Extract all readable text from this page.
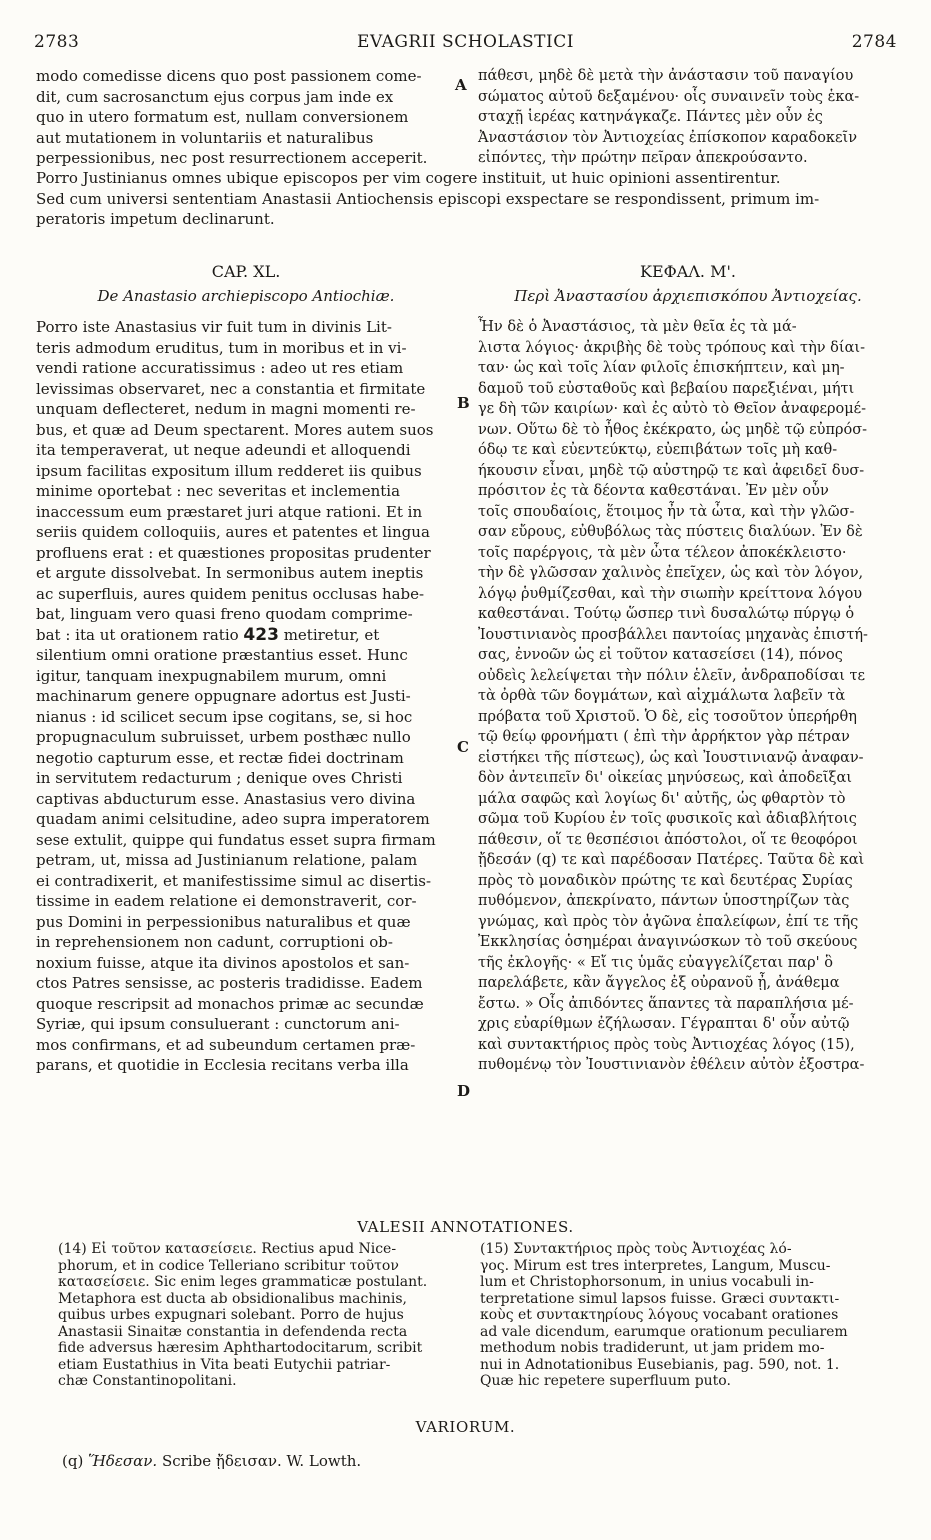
2783	EVAGRII SCHOLASTICI	2784
modo comedisse dicens quo post passionem come-
dit, cum sacrosanctum ejus corpus jam inde ex
quo in utero formatum est, nullam conversionem
aut mutationem in voluntariis et naturalibus
perpessionibus, nec post resurrectionem acceperit.
A πάθεσι, μηδὲ δὲ μετὰ τὴν ἀνάστασιν τοῦ παναγίου
σώματος αὐτοῦ δεξαμένου· οἷς συναινεῖν τοὺς ἑκα-
σταχῇ ἱερέας κατηνάγκαζε. Πάντες μὲν οὖν ἐς
Ἀναστάσιον τὸν Ἀντιοχείας ἐπίσκοπον καραδοκεῖν
εἰπόντες, τὴν πρώτην πεῖραν ἀπεκρούσαντο.
Porro Justinianus omnes ubique episcopos per vim cogere instituit, ut huic opinioni assentirentur.
Sed cum universi sententiam Anastasii Antiochensis episcopi exspectare se respondissent, primum im-
peratoris impetum declinarunt.
CAP. XL.
De Anastasio archiepiscopo Antiochiæ.
ΚΕΦΑΛ. Μ'.
Περὶ Ἀναστασίου ἀρχιεπισκόπου Ἀντιοχείας.
Porro iste Anastasius vir fuit tum in divinis Lit-
teris admodum eruditus, tum in moribus et in vi-
vendi ratione accuratissimus : adeo ut res etiam
levissimas observaret, nec a constantia et firmitate
unquam deflecteret, nedum in magni momenti re-
bus, et quæ ad Deum spectarent. Mores autem suos
ita temperaverat, ut neque adeundi et alloquendi
ipsum facilitas expositum illum redderet iis quibus
minime oportebat : nec severitas et inclementia
inaccessum eum præstaret juri atque rationi. Et in
seriis quidem colloquiis, aures et patentes et lingua
profluens erat : et quæstiones propositas prudenter
et argute dissolvebat. In sermonibus autem ineptis
ac superfluis, aures quidem penitus occlusas habe-
bat, linguam vero quasi freno quodam comprime-
bat : ita ut orationem ratio 423 metiretur, et
silentium omni oratione præstantius esset. Hunc
igitur, tanquam inexpugnabilem murum, omni
machinarum genere oppugnare adortus est Justi-
nianus : id scilicet secum ipse cogitans, se, si hoc
propugnaculum subruisset, urbem posthæc nullo
negotio capturum esse, et rectæ fidei doctrinam
in servitutem redacturum ; denique oves Christi
captivas abducturum esse. Anastasius vero divina
quadam animi celsitudine, adeo supra imperatorem
sese extulit, quippe qui fundatus esset supra firmam
petram, ut, missa ad Justinianum relatione, palam
ei contradixerit, et manifestissime simul ac disertis-
tissime in eadem relatione ei demonstraverit, cor-
pus Domini in perpessionibus naturalibus et quæ
in reprehensionem non cadunt, corruptioni ob-
noxium fuisse, atque ita divinos apostolos et san-
ctos Patres sensisse, ac posteris tradidisse. Eadem
quoque rescripsit ad monachos primæ ac secundæ
Syriæ, qui ipsum consuluerant : cunctorum ani-
mos confirmans, et ad subeundum certamen præ-
parans, et quotidie in Ecclesia recitans verba illa
Ἦν δὲ ὁ Ἀναστάσιος, τὰ μὲν θεῖα ἐς τὰ μά-
λιστα λόγιος· ἀκριβὴς δὲ τοὺς τρόπους καὶ τὴν δίαι-
ταν· ὡς καὶ τοῖς λίαν φιλοῖς ἐπισκήπτειν, καὶ μη-
δαμοῦ τοῦ εὐσταθοῦς καὶ βεβαίου παρεξιέναι, μήτι
γε δὴ τῶν καιρίων· καὶ ἐς αὐτὸ τὸ Θεῖον ἀναφερομέ-
νων. Οὕτω δὲ τὸ ἦθος ἐκέκρατο, ὡς μηδὲ τῷ εὐπρόσ-
όδῳ τε καὶ εὐεντεύκτῳ, εὐεπιβάτων τοῖς μὴ καθ-
ήκουσιν εἶναι, μηδὲ τῷ αὐστηρῷ τε καὶ ἀφειδεῖ δυσ-
πρόσιτον ἐς τὰ δέοντα καθεστάναι. Ἐν μὲν οὖν
τοῖς σπουδαίοις, ἕτοιμος ἦν τὰ ὦτα, καὶ τὴν γλῶσ-
σαν εὔρους, εὐθυβόλως τὰς πύστεις διαλύων. Ἐν δὲ
τοῖς παρέργοις, τὰ μὲν ὦτα τέλεον ἀποκέκλειστο·
τὴν δὲ γλῶσσαν χαλινὸς ἐπεῖχεν, ὡς καὶ τὸν λόγον,
λόγῳ ῥυθμίζεσθαι, καὶ τὴν σιωπὴν κρείττονα λόγου
καθεστάναι. Τούτῳ ὥσπερ τινὶ δυσαλώτῳ πύργῳ ὁ
Ἰουστινιανὸς προσβάλλει παντοίας μηχανὰς ἐπιστή-
σας, ἐννοῶν ὡς εἰ τοῦτον κατασείσει (14), πόνος
οὐδεὶς λελείψεται τὴν πόλιν ἑλεῖν, ἀνδραποδίσαι τε
τὰ ὀρθὰ τῶν δογμάτων, καὶ αἰχμάλωτα λαβεῖν τὰ
πρόβατα τοῦ Χριστοῦ. Ὁ δὲ, εἰς τοσοῦτον ὑπερήρθη
τῷ θείῳ φρονήματι ( ἐπὶ τὴν ἀρρήκτον γὰρ πέτραν
εἱστήκει τῆς πίστεως), ὡς καὶ Ἰουστινιανῷ ἀναφαν-
δὸν ἀντειπεῖν δι' οἰκείας μηνύσεως, καὶ ἀποδεῖξαι
μάλα σαφῶς καὶ λογίως δι' αὐτῆς, ὡς φθαρτὸν τὸ
σῶμα τοῦ Κυρίου ἐν τοῖς φυσικοῖς καὶ ἀδιαβλήτοις
πάθεσιν, οἵ τε θεσπέσιοι ἀπόστολοι, οἵ τε θεοφόροι
ᾔδεσάν (q) τε καὶ παρέδοσαν Πατέρες. Ταῦτα δὲ καὶ
πρὸς τὸ μοναδικὸν πρώτης τε καὶ δευτέρας Συρίας
πυθόμενον, ἀπεκρίνατο, πάντων ὑποστηρίζων τὰς
γνώμας, καὶ πρὸς τὸν ἀγῶνα ἐπαλείφων, ἐπί τε τῆς
Ἐκκλησίας ὁσημέραι ἀναγινώσκων τὸ τοῦ σκεύους
τῆς ἐκλογῆς· « Εἴ τις ὑμᾶς εὐαγγελίζεται παρ' ὃ
παρελάβετε, κἂν ἄγγελος ἐξ οὐρανοῦ ᾖ, ἀνάθεμα
ἔστω. » Οἷς ἀπιδόντες ἅπαντες τὰ παραπλήσια μέ-
χρις εὐαρίθμων ἐζήλωσαν. Γέγραπται δ' οὖν αὐτῷ
καὶ συντακτήριος πρὸς τοὺς Ἀντιοχέας λόγος (15),
πυθομένῳ τὸν Ἰουστινιανὸν ἐθέλειν αὐτὸν ἐξοστρα-
B
C
D
VALESII ANNOTATIONES.
(14) Εἰ τοῦτον κατασείσειε. Rectius apud Nice-
phorum, et in codice Telleriano scribitur τοῦτον
κατασείσειε. Sic enim leges grammaticæ postulant.
Metaphora est ducta ab obsidionalibus machinis,
quibus urbes expugnari solebant. Porro de hujus
Anastasii Sinaitæ constantia in defendenda recta
fide adversus hæresim Aphthartodocitarum, scribit
etiam Eustathius in Vita beati Eutychii patriar-
chæ Constantinopolitani.
(15) Συντακτήριος πρὸς τοὺς Ἀντιοχέας λό-
γος. Mirum est tres interpretes, Langum, Muscu-
lum et Christophorsonum, in unius vocabuli in-
terpretatione simul lapsos fuisse. Græci συντακτι-
κοὺς et συντακτηρίους λόγους vocabant orationes
ad vale dicendum, earumque orationum peculiarem
methodum nobis tradiderunt, ut jam pridem mo-
nui in Adnotationibus Eusebianis, pag. 590, not. 1.
Quæ hic repetere superfluum puto.
VARIORUM.
(q) Ἥδεσαν. Scribe ᾔδεισαν. W. Lowth.
